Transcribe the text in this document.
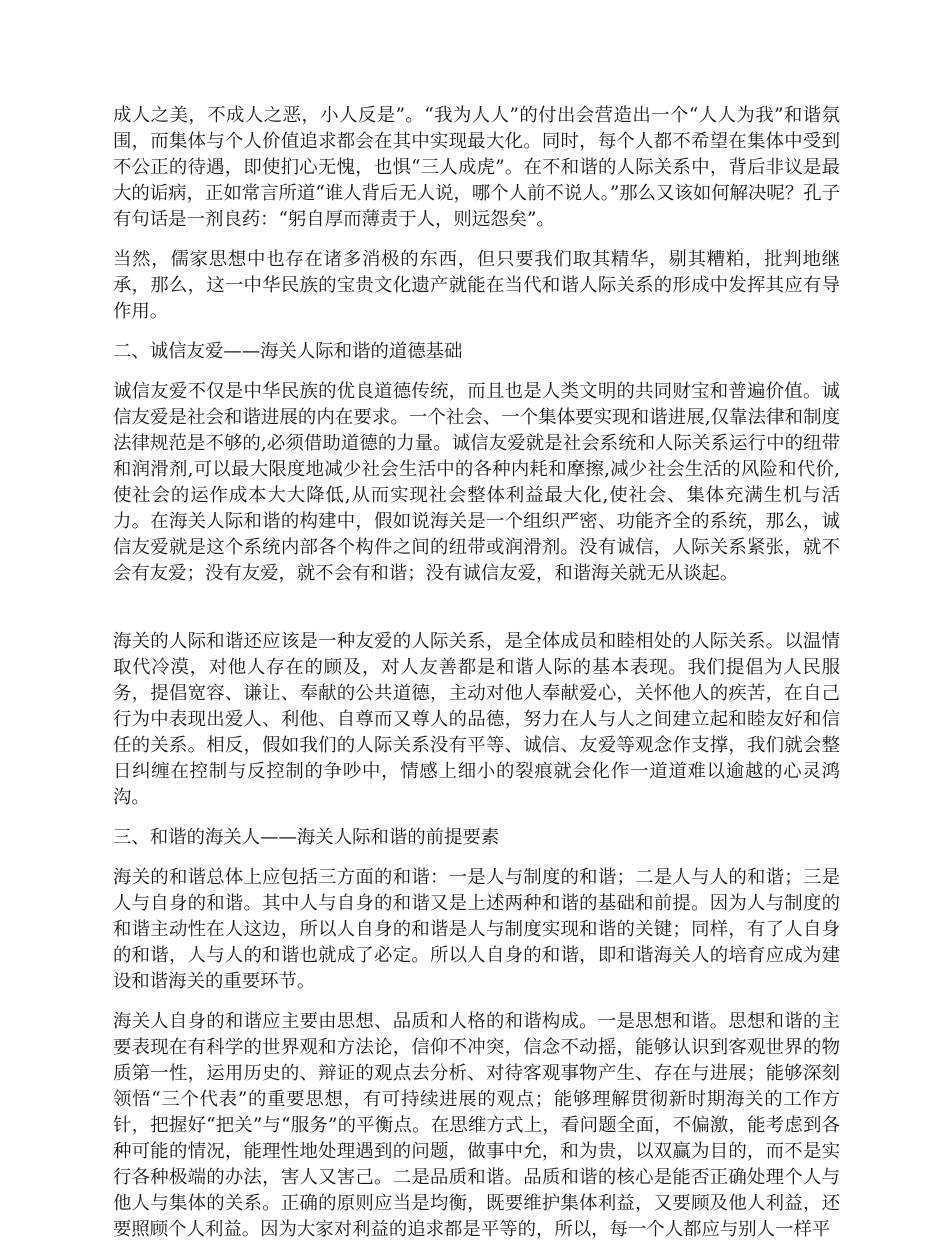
成人之美，不成人之恶，小人反是”。“我为人人”的付出会营造出一个“人人为我”和谐氛围，而集体与个人价值追求都会在其中实现最大化。同时，每个人都不希望在集体中受到不公正的待遇，即使扪心无愧，也惧“三人成虎”。在不和谐的人际关系中，背后非议是最大的诟病，正如常言所道“谁人背后无人说，哪个人前不说人。”那么又该如何解决呢？孔子有句话是一剂良药：“躬自厚而薄责于人，则远怨矣”。

当然，儒家思想中也存在诸多消极的东西，但只要我们取其精华，剔其糟粕，批判地继承，那么，这一中华民族的宝贵文化遗产就能在当代和谐人际关系的形成中发挥其应有导作用。

二、诚信友爱——海关人际和谐的道德基础

诚信友爱不仅是中华民族的优良道德传统，而且也是人类文明的共同财宝和普遍价值。诚信友爱是社会和谐进展的内在要求。一个社会、一个集体要实现和谐进展,仅靠法律和制度法律规范是不够的,必须借助道德的力量。诚信友爱就是社会系统和人际关系运行中的纽带和润滑剂,可以最大限度地减少社会生活中的各种内耗和摩擦,减少社会生活的风险和代价,使社会的运作成本大大降低,从而实现社会整体利益最大化,使社会、集体充满生机与活力。在海关人际和谐的构建中，假如说海关是一个组织严密、功能齐全的系统，那么，诚信友爱就是这个系统内部各个构件之间的纽带或润滑剂。没有诚信，人际关系紧张，就不会有友爱；没有友爱，就不会有和谐；没有诚信友爱，和谐海关就无从谈起。

海关的人际和谐还应该是一种友爱的人际关系，是全体成员和睦相处的人际关系。以温情取代冷漠，对他人存在的顾及，对人友善都是和谐人际的基本表现。我们提倡为人民服务，提倡宽容、谦让、奉献的公共道德，主动对他人奉献爱心，关怀他人的疾苦，在自己行为中表现出爱人、利他、自尊而又尊人的品德，努力在人与人之间建立起和睦友好和信任的关系。相反，假如我们的人际关系没有平等、诚信、友爱等观念作支撑，我们就会整日纠缠在控制与反控制的争吵中，情感上细小的裂痕就会化作一道道难以逾越的心灵鸿沟。

三、和谐的海关人——海关人际和谐的前提要素

海关的和谐总体上应包括三方面的和谐：一是人与制度的和谐；二是人与人的和谐；三是人与自身的和谐。其中人与自身的和谐又是上述两种和谐的基础和前提。因为人与制度的和谐主动性在人这边，所以人自身的和谐是人与制度实现和谐的关键；同样，有了人自身的和谐，人与人的和谐也就成了必定。所以人自身的和谐，即和谐海关人的培育应成为建设和谐海关的重要环节。

海关人自身的和谐应主要由思想、品质和人格的和谐构成。一是思想和谐。思想和谐的主要表现在有科学的世界观和方法论，信仰不冲突，信念不动摇，能够认识到客观世界的物质第一性，运用历史的、辩证的观点去分析、对待客观事物产生、存在与进展；能够深刻领悟“三个代表”的重要思想，有可持续进展的观点；能够理解贯彻新时期海关的工作方针，把握好“把关”与“服务”的平衡点。在思维方式上，看问题全面，不偏激，能考虑到各种可能的情况，能理性地处理遇到的问题，做事中允，和为贵，以双赢为目的，而不是实行各种极端的办法，害人又害己。二是品质和谐。品质和谐的核心是能否正确处理个人与他人与集体的关系。正确的原则应当是均衡，既要维护集体利益，又要顾及他人利益，还要照顾个人利益。因为大家对利益的追求都是平等的，所以，每一个人都应与别人一样平
